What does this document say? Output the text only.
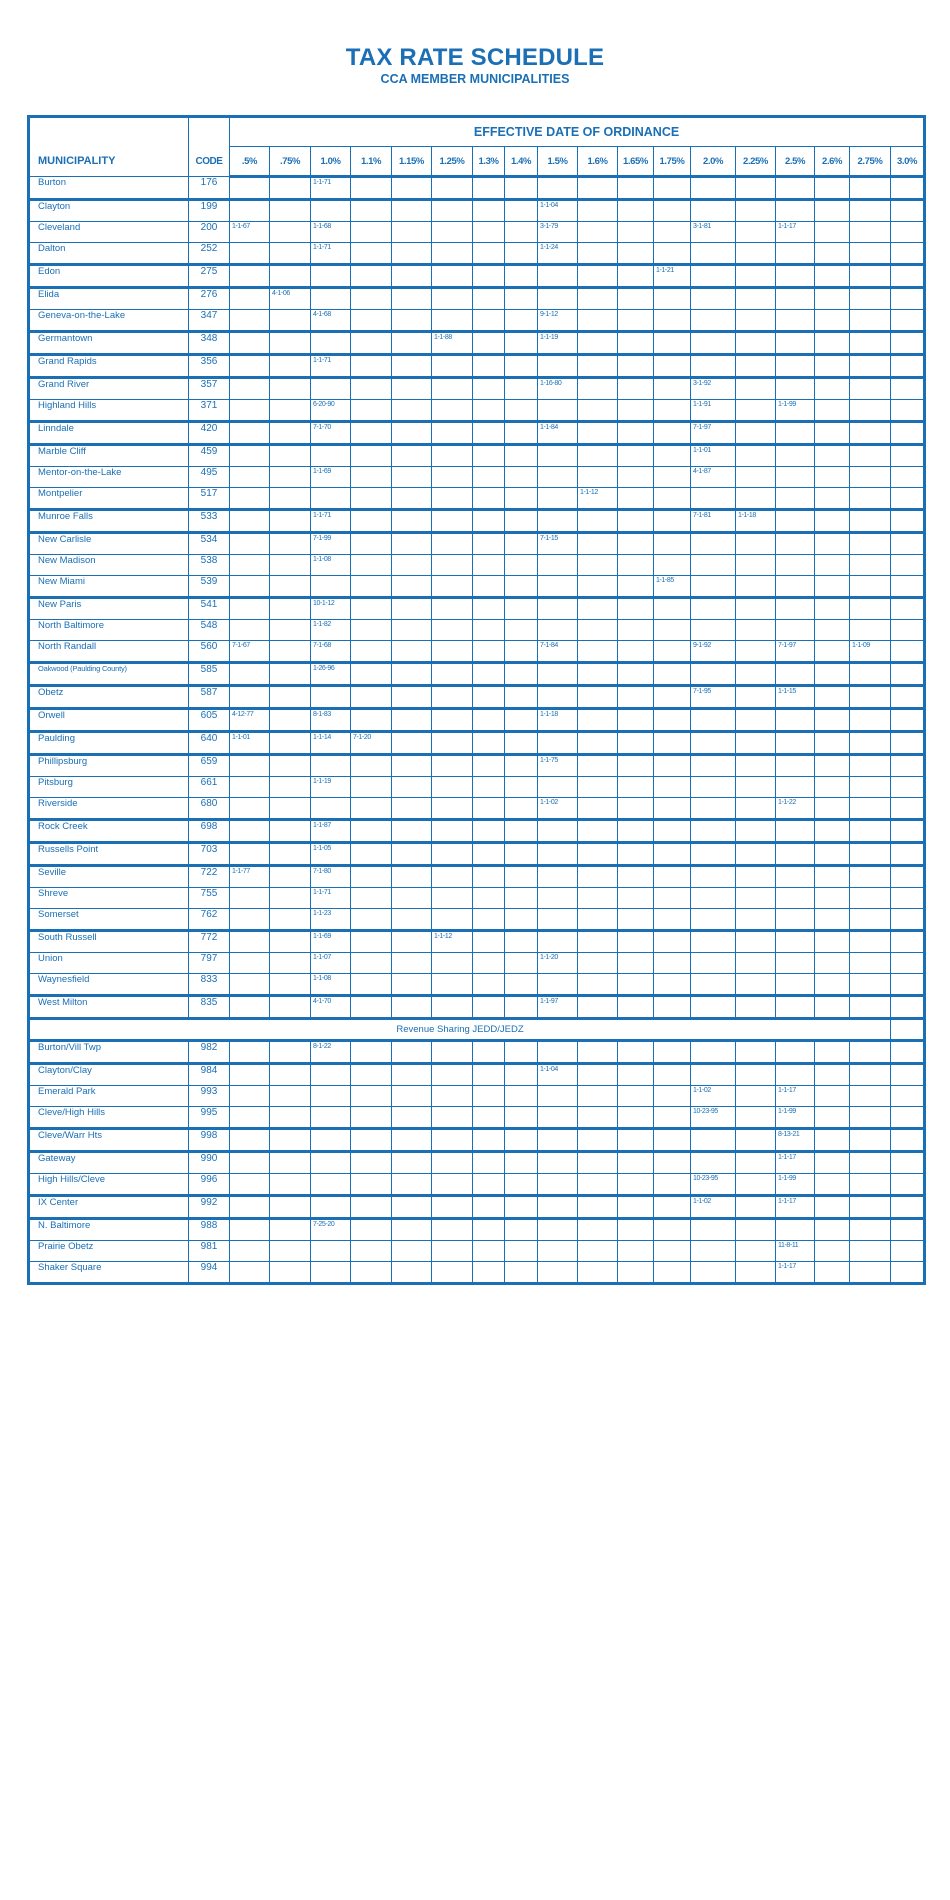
TAX RATE SCHEDULE
CCA MEMBER MUNICIPALITIES
MUNICIPALITY	CODE	EFFECTIVE DATE OF ORDINANCE																	
		.5%	.75%	1.0%	1.1%	1.15%	1.25%	1.3%	1.4%	1.5%	1.6%	1.65%	1.75%	2.0%	2.25%	2.5%	2.6%	2.75%	3.0%
Burton	176			1-1-71															
Clayton	199									1-1-04									
Cleveland	200	1-1-67		1-1-68						3-1-79				3-1-81		1-1-17			
Dalton	252			1-1-71						1-1-24									
Edon	275												1-1-21						
Elida	276		4-1-06																
Geneva-on-the-Lake	347			4-1-68						9-1-12									
Germantown	348						1-1-88			1-1-19									
Grand Rapids	356			1-1-71															
Grand River	357									1-16-80				3-1-92					
Highland Hills	371			6-20-90										1-1-91		1-1-99			
Linndale	420			7-1-70						1-1-84				7-1-97					
Marble Cliff	459													1-1-01					
Mentor-on-the-Lake	495			1-1-69										4-1-87					
Montpelier	517										1-1-12								
Munroe Falls	533			1-1-71										7-1-81	1-1-18				
New Carlisle	534			7-1-99						7-1-15									
New Madison	538			1-1-08															
New Miami	539												1-1-85						
New Paris	541			10-1-12															
North Baltimore	548			1-1-82															
North Randall	560	7-1-67		7-1-68						7-1-84				9-1-92		7-1-97		1-1-09	
Oakwood (Paulding County)	585			1-26-96															
Obetz	587													7-1-95		1-1-15			
Orwell	605	4-12-77		8-1-83						1-1-18									
Paulding	640	1-1-01		1-1-14	7-1-20														
Phillipsburg	659									1-1-75									
Pitsburg	661			1-1-19															
Riverside	680									1-1-02						1-1-22			
Rock Creek	698			1-1-87															
Russells Point	703			1-1-05															
Seville	722	1-1-77		7-1-80															
Shreve	755			1-1-71															
Somerset	762			1-1-23															
South Russell	772			1-1-69			1-1-12												
Union	797			1-1-07						1-1-20									
Waynesfield	833			1-1-08															
West Milton	835			4-1-70						1-1-97									
Revenue Sharing JEDD/JEDZ																			
Burton/Vill Twp	982			8-1-22															
Clayton/Clay	984									1-1-04									
Emerald Park	993													1-1-02		1-1-17			
Cleve/High Hills	995													10-23-95		1-1-99			
Cleve/Warr Hts	998															8-13-21			
Gateway	990															1-1-17			
High Hills/Cleve	996													10-23-95		1-1-99			
IX Center	992													1-1-02		1-1-17			
N. Baltimore	988			7-25-20															
Prairie Obetz	981															11-8-11			
Shaker Square	994															1-1-17			
